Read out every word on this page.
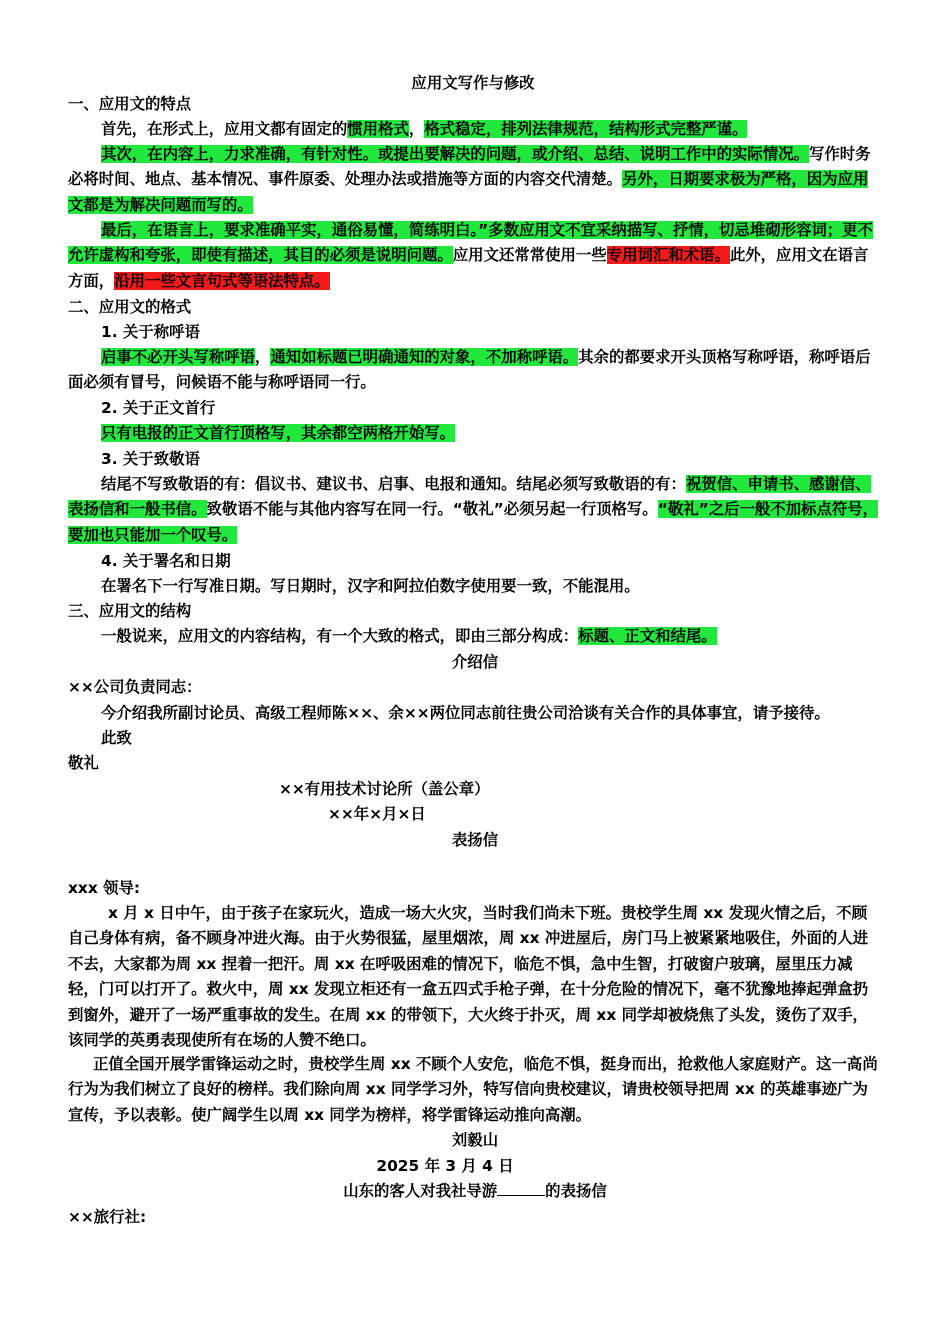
应用文写作与修改

一、应用文的特点

首先，在形式上，应用文都有固定的惯用格式，格式稳定，排列法律规范，结构形式完整严谨。

其次，在内容上，力求准确，有针对性。或提出要解决的问题，或介绍、总结、说明工作中的实际情况。写作时务必将时间、地点、基本情况、事件原委、处理办法或措施等方面的内容交代清楚。另外，日期要求极为严格，因为应用文都是为解决问题而写的。

最后，在语言上，要求准确平实，通俗易懂，简练明白。”多数应用文不宜采纳描写、抒情，切忌堆砌形容词；更不允许虚构和夸张，即使有描述，其目的必须是说明问题。应用文还常常使用一些专用词汇和术语。此外，应用文在语言方面，沿用一些文言句式等语法特点。

二、应用文的格式

1. 关于称呼语

启事不必开头写称呼语，通知如标题已明确通知的对象，不加称呼语。其余的都要求开头顶格写称呼语，称呼语后面必须有冒号，问候语不能与称呼语同一行。

2. 关于正文首行

只有电报的正文首行顶格写，其余都空两格开始写。

3. 关于致敬语

结尾不写致敬语的有：倡议书、建议书、启事、电报和通知。结尾必须写致敬语的有：祝贺信、申请书、感谢信、表扬信和一般书信。致敬语不能与其他内容写在同一行。“敬礼”必须另起一行顶格写。“敬礼”之后一般不加标点符号，要加也只能加一个叹号。

4. 关于署名和日期

在署名下一行写准日期。写日期时，汉字和阿拉伯数字使用要一致，不能混用。

三、应用文的结构

一般说来，应用文的内容结构，有一个大致的格式，即由三部分构成：标题、正文和结尾。

介绍信

××公司负责同志：

今介绍我所副讨论员、高级工程师陈××、余××两位同志前往贵公司洽谈有关合作的具体事宜，请予接待。

此致

敬礼

××有用技术讨论所（盖公章）

××年×月×日

表扬信

xxx 领导:

x 月 x 日中午，由于孩子在家玩火，造成一场大火灾，当时我们尚未下班。贵校学生周 xx 发现火情之后，不顾自己身体有病，备不顾身冲进火海。由于火势很猛，屋里烟浓，周 xx 冲进屋后，房门马上被紧紧地吸住，外面的人进不去，大家都为周 xx 捏着一把汗。周 xx 在呼吸困难的情况下，临危不惧，急中生智，打破窗户玻璃，屋里压力减轻，门可以打开了。救火中，周 xx 发现立柜还有一盒五四式手枪子弹，在十分危险的情况下，毫不犹豫地捧起弹盒扔到窗外，避开了一场严重事故的发生。在周 xx 的带领下，大火终于扑灭，周 xx 同学却被烧焦了头发，烫伤了双手，该同学的英勇表现使所有在场的人赞不绝口。

正值全国开展学雷锋运动之时，贵校学生周 xx 不顾个人安危，临危不惧，挺身而出，抢救他人家庭财产。这一高尚行为为我们树立了良好的榜样。我们除向周 xx 同学学习外，特写信向贵校建议，请贵校领导把周 xx 的英雄事迹广为宣传，予以表彰。使广阔学生以周 xx 同学为榜样，将学雷锋运动推向高潮。

刘毅山

2025 年 3 月 4 日

山东的客人对我社导游	的表扬信

××旅行社:
